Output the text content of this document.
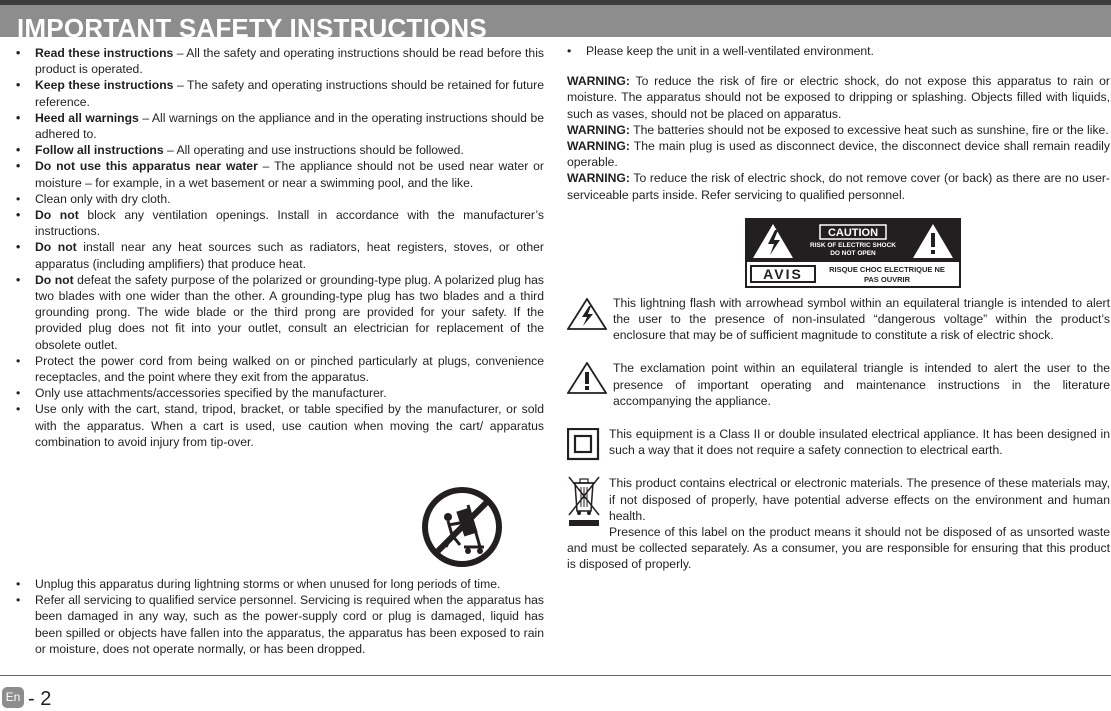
IMPORTANT SAFETY INSTRUCTIONS
•	Read these instructions – All the safety and operating instructions should be read before this product is operated.
•	Keep these instructions – The safety and operating instructions should be retained for future reference.
•	Heed all warnings – All warnings on the appliance and in the operating instructions should be adhered to.
•	Follow all instructions – All operating and use instructions should be followed.
•	Do not use this apparatus near water – The appliance should not be used near water or moisture – for example, in a wet basement or near a swimming pool, and the like.
•	Clean only with dry cloth.
•	Do not block any ventilation openings. Install in accordance with the manufacturer’s instructions.
•	Do not install near any heat sources such as radiators, heat registers, stoves, or other apparatus (including amplifiers) that produce heat.
•	Do not defeat the safety purpose of the polarized or grounding-type plug. A polarized plug has two blades with one wider than the other. A grounding-type plug has two blades and a third grounding prong. The wide blade or the third prong are provided for your safety. If the provided plug does not fit into your outlet, consult an electrician for replacement of the obsolete outlet.
•	Protect the power cord from being walked on or pinched particularly at plugs, convenience receptacles, and the point where they exit from the apparatus.
•	Only use attachments/accessories specified by the manufacturer.
•	Use only with the cart, stand, tripod, bracket, or table specified by the manufacturer, or sold with the apparatus. When a cart is used, use caution when moving the cart/ apparatus combination to avoid injury from tip-over.
•	Unplug this apparatus during lightning storms or when unused for long periods of time.
•	Refer all servicing to qualified service personnel. Servicing is required when the apparatus has been damaged in any way, such as the power-supply cord or plug is damaged, liquid has been spilled or objects have fallen into the apparatus, the apparatus has been exposed to rain or moisture, does not operate normally, or has been dropped.
•	Please keep the unit in a well-ventilated environment.

WARNING: To reduce the risk of fire or electric shock, do not expose this apparatus to rain or moisture. The apparatus should not be exposed to dripping or splashing. Objects filled with liquids, such as vases, should not be placed on apparatus.

WARNING: The batteries should not be exposed to excessive heat such as sunshine, fire or the like.

WARNING: The main plug is used as disconnect device, the disconnect device shall remain readily operable.

WARNING: To reduce the risk of electric shock, do not remove cover (or back) as there are no user-serviceable parts inside. Refer servicing to qualified personnel.

CAUTION
RISK OF ELECTRIC SHOCK
DO NOT OPEN
AVIS	RISQUE CHOC ELECTRIQUE NE
PAS OUVRIR

This lightning flash with arrowhead symbol within an equilateral triangle is intended to alert the user to the presence of non-insulated “dangerous voltage” within the product’s enclosure that may be of sufficient magnitude to constitute a risk of electric shock.

The exclamation point within an equilateral triangle is intended to alert the user to the presence of important operating and maintenance instructions in the literature accompanying the appliance.

This equipment is a Class II or double insulated electrical appliance. It has been designed in such a way that it does not require a safety connection to electrical earth.

This product contains electrical or electronic materials. The presence of these materials may, if not disposed of properly, have potential adverse effects on the environment and human health.

Presence of this label on the product means it should not be disposed of as unsorted waste and must be collected separately. As a consumer, you are responsible for ensuring that this product is disposed of properly.

En - 2
